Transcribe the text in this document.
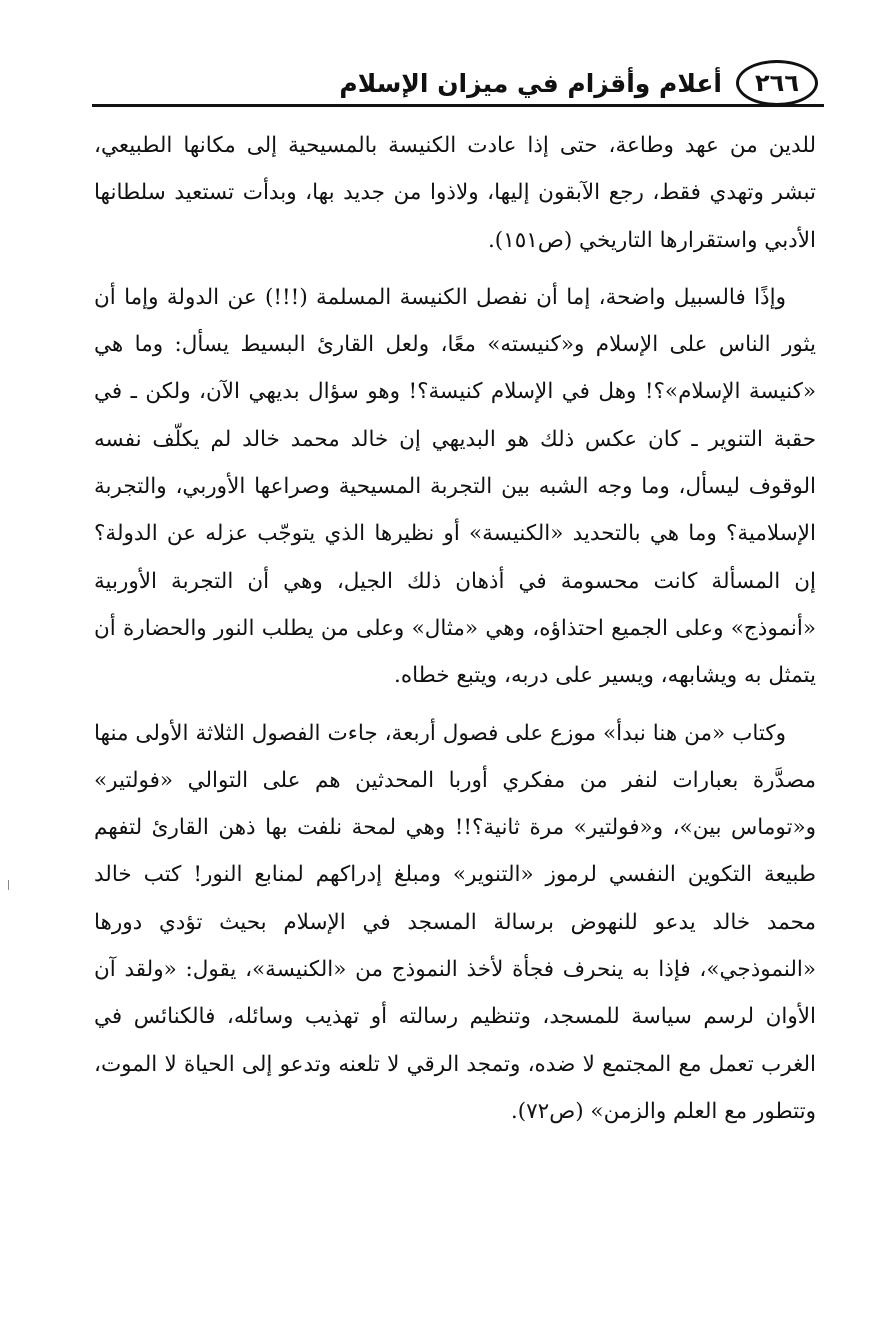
أعلام وأقزام في ميزان الإسلام	٢٦٦

للدين من عهد وطاعة، حتى إذا عادت الكنيسة بالمسيحية إلى مكانها الطبيعي، تبشر وتهدي فقط، رجع الآبقون إليها، ولاذوا من جديد بها، وبدأت تستعيد سلطانها الأدبي واستقرارها التاريخي (ص١٥١).

وإذًا فالسبيل واضحة، إما أن نفصل الكنيسة المسلمة (!!!) عن الدولة وإما أن يثور الناس على الإسلام و«كنيسته» معًا، ولعل القارئ البسيط يسأل: وما هي «كنيسة الإسلام»؟! وهل في الإسلام كنيسة؟! وهو سؤال بديهي الآن، ولكن ـ في حقبة التنوير ـ كان عكس ذلك هو البديهي إن خالد محمد خالد لم يكلّف نفسه الوقوف ليسأل، وما وجه الشبه بين التجربة المسيحية وصراعها الأوربي، والتجربة الإسلامية؟ وما هي بالتحديد «الكنيسة» أو نظيرها الذي يتوجّب عزله عن الدولة؟ إن المسألة كانت محسومة في أذهان ذلك الجيل، وهي أن التجربة الأوربية «أنموذج» وعلى الجميع احتذاؤه، وهي «مثال» وعلى من يطلب النور والحضارة أن يتمثل به ويشابهه، ويسير على دربه، ويتبع خطاه.

وكتاب «من هنا نبدأ» موزع على فصول أربعة، جاءت الفصول الثلاثة الأولى منها مصدَّرة بعبارات لنفر من مفكري أوربا المحدثين هم على التوالي «فولتير» و«توماس بين»، و«فولتير» مرة ثانية؟!! وهي لمحة نلفت بها ذهن القارئ لتفهم طبيعة التكوين النفسي لرموز «التنوير» ومبلغ إدراكهم لمنابع النور! كتب خالد محمد خالد يدعو للنهوض برسالة المسجد في الإسلام بحيث تؤدي دورها «النموذجي»، فإذا به ينحرف فجأة لأخذ النموذج من «الكنيسة»، يقول: «ولقد آن الأوان لرسم سياسة للمسجد، وتنظيم رسالته أو تهذيب وسائله، فالكنائس في الغرب تعمل مع المجتمع لا ضده، وتمجد الرقي لا تلعنه وتدعو إلى الحياة لا الموت، وتتطور مع العلم والزمن» (ص٧٢).
